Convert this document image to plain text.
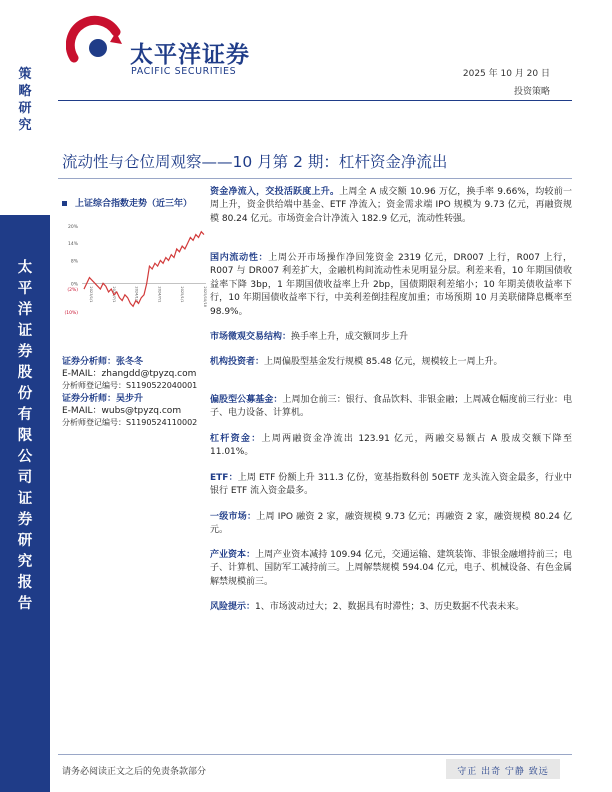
太平洋证券
PACIFIC SECURITIES	2025 年 10 月 20 日
投资策略
策略研究
太平洋证券股份有限公司证券研究报告
流动性与仓位周观察——10 月第 2 期：杠杆资金净流出
上证综合指数走势（近三年）
20%
14%
8%
0%
(2%)
(10%)
2023/1/1	2023/7/1	2024/1/1	2024/7/1	2025/1/1	2025/10/18
证券分析师：张冬冬
E-MAIL：zhangdd@tpyzq.com
分析师登记编号：S1190522040001
证券分析师：吴步升
E-MAIL：wubs@tpyzq.com
分析师登记编号：S1190524110002
资金净流入，交投活跃度上升。上周全 A 成交额 10.96 万亿，换手率 9.66%，均较前一周上升，资金供给端中基金、ETF 净流入；资金需求端 IPO 规模为 9.73 亿元，再融资规模 80.24 亿元。市场资金合计净流入 182.9 亿元，流动性转强。
国内流动性：上周公开市场操作净回笼资金 2319 亿元，DR007 上行，R007 上行，R007 与 DR007 利差扩大，金融机构间流动性未见明显分层。利差来看，10 年期国债收益率下降 3bp，1 年期国债收益率上升 2bp，国债期限利差缩小；10 年期美债收益率下行，10 年期国债收益率下行，中美利差倒挂程度加重；市场预期 10 月美联储降息概率至 98.9%。
市场微观交易结构：换手率上升，成交额同步上升
机构投资者：上周偏股型基金发行规模 85.48 亿元，规模较上一周上升。
偏股型公募基金：上周加仓前三：银行、食品饮料、非银金融；上周减仓幅度前三行业：电子、电力设备、计算机。
杠杆资金：上周两融资金净流出 123.91 亿元，两融交易额占 A 股成交额下降至 11.01%。
ETF：上周 ETF 份额上升 311.3 亿份，宽基指数科创 50ETF 龙头流入资金最多，行业中银行 ETF 流入资金最多。
一级市场：上周 IPO 融资 2 家，融资规模 9.73 亿元；再融资 2 家，融资规模 80.24 亿元。
产业资本：上周产业资本减持 109.94 亿元，交通运输、建筑装饰、非银金融增持前三；电子、计算机、国防军工减持前三。上周解禁规模 594.04 亿元，电子、机械设备、有色金属解禁规模前三。
风险提示：1、市场波动过大；2、数据具有时滞性；3、历史数据不代表未来。
请务必阅读正文之后的免责条款部分	守正 出奇 宁静 致远
